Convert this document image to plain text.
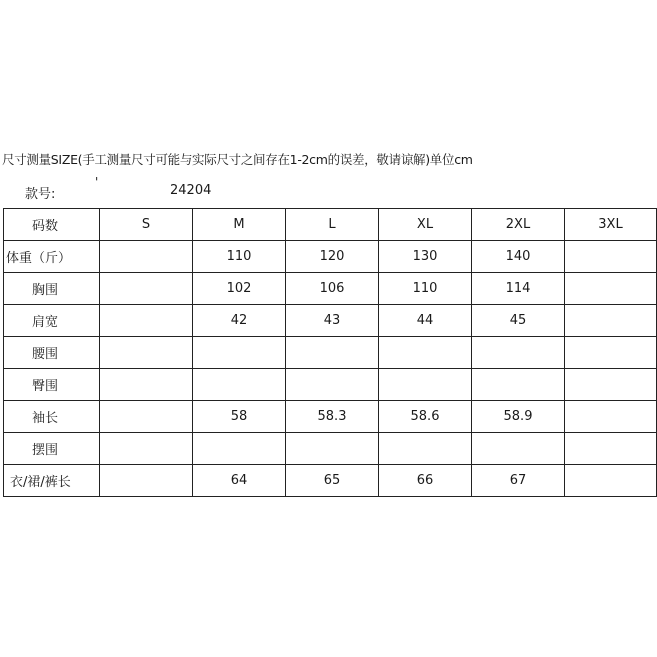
尺寸测量SIZE(手工测量尺寸可能与实际尺寸之间存在1-2cm的误差，敬请谅解)单位cm
款号:
'
24204
码数	S	M	L	XL	2XL	3XL
体重（斤）		110	120	130	140	
胸围		102	106	110	114	
肩宽		42	43	44	45	
腰围						
臀围						
袖长		58	58.3	58.6	58.9	
摆围						
衣/裙/裤长		64	65	66	67	
